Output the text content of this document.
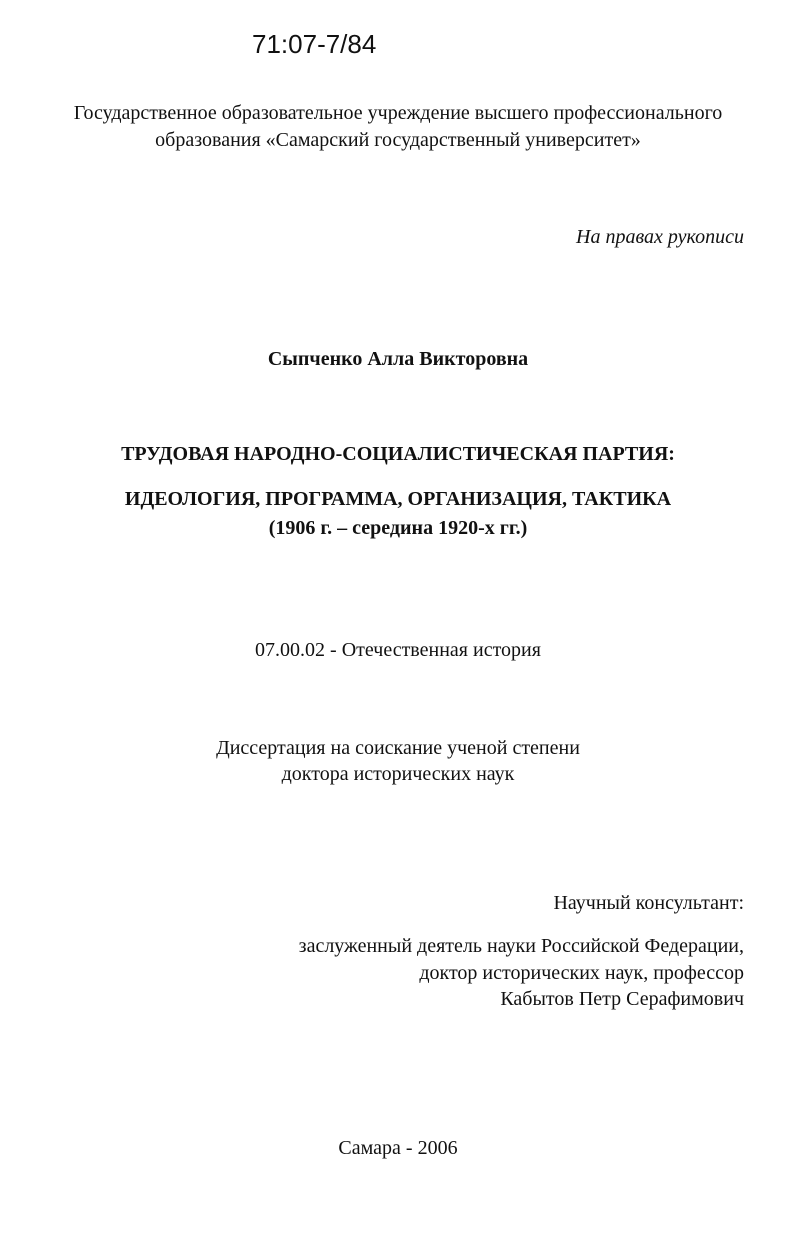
71:07-7/84
Государственное образовательное учреждение высшего профессионального
образования «Самарский государственный университет»
На правах рукописи
Сыпченко Алла Викторовна
ТРУДОВАЯ НАРОДНО-СОЦИАЛИСТИЧЕСКАЯ ПАРТИЯ:
ИДЕОЛОГИЯ, ПРОГРАММА, ОРГАНИЗАЦИЯ, ТАКТИКА
(1906 г. – середина 1920-х гг.)
07.00.02 - Отечественная история
Диссертация на соискание ученой степени
доктора исторических наук
Научный консультант:
заслуженный деятель науки Российской Федерации,
доктор исторических наук, профессор
Кабытов Петр Серафимович
Самара - 2006
